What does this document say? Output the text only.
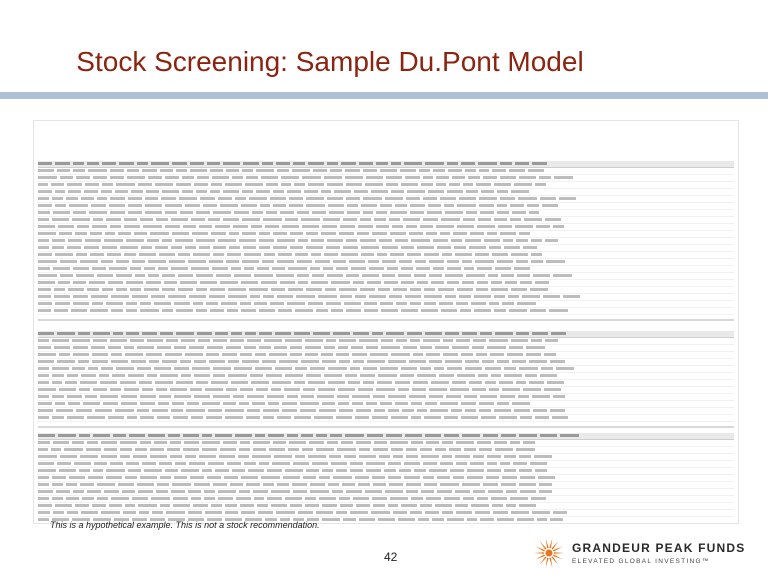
Stock Screening: Sample Du.Pont Model
This is a hypothetical example. This is not a stock recommendation.
42
GRANDEUR PEAK FUNDS
ELEVATED GLOBAL INVESTING™
